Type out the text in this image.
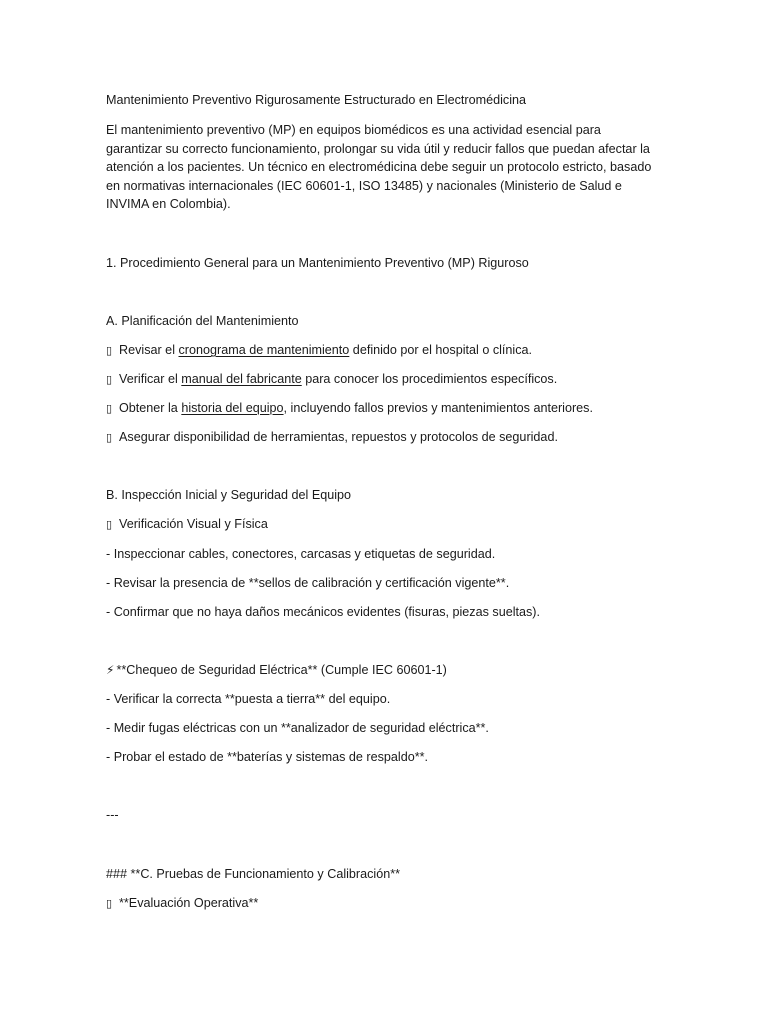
Mantenimiento Preventivo Rigurosamente Estructurado en Electromédicina

El mantenimiento preventivo (MP) en equipos biomédicos es una actividad esencial para
garantizar su correcto funcionamiento, prolongar su vida útil y reducir fallos que puedan afectar la
atención a los pacientes. Un técnico en electromédicina debe seguir un protocolo estricto, basado
en normativas internacionales (IEC 60601-1, ISO 13485) y nacionales (Ministerio de Salud e
INVIMA en Colombia).

1. Procedimiento General para un Mantenimiento Preventivo (MP) Riguroso

A. Planificación del Mantenimiento

▯ Revisar el cronograma de mantenimiento definido por el hospital o clínica.

▯ Verificar el manual del fabricante para conocer los procedimientos específicos.

▯ Obtener la historia del equipo, incluyendo fallos previos y mantenimientos anteriores.

▯ Asegurar disponibilidad de herramientas, repuestos y protocolos de seguridad.

B. Inspección Inicial y Seguridad del Equipo

▯ Verificación Visual y Física

- Inspeccionar cables, conectores, carcasas y etiquetas de seguridad.

- Revisar la presencia de **sellos de calibración y certificación vigente**.

- Confirmar que no haya daños mecánicos evidentes (fisuras, piezas sueltas).

⚡ **Chequeo de Seguridad Eléctrica** (Cumple IEC 60601-1)

- Verificar la correcta **puesta a tierra** del equipo.

- Medir fugas eléctricas con un **analizador de seguridad eléctrica**.

- Probar el estado de **baterías y sistemas de respaldo**.

---

### **C. Pruebas de Funcionamiento y Calibración**

▯ **Evaluación Operativa**
